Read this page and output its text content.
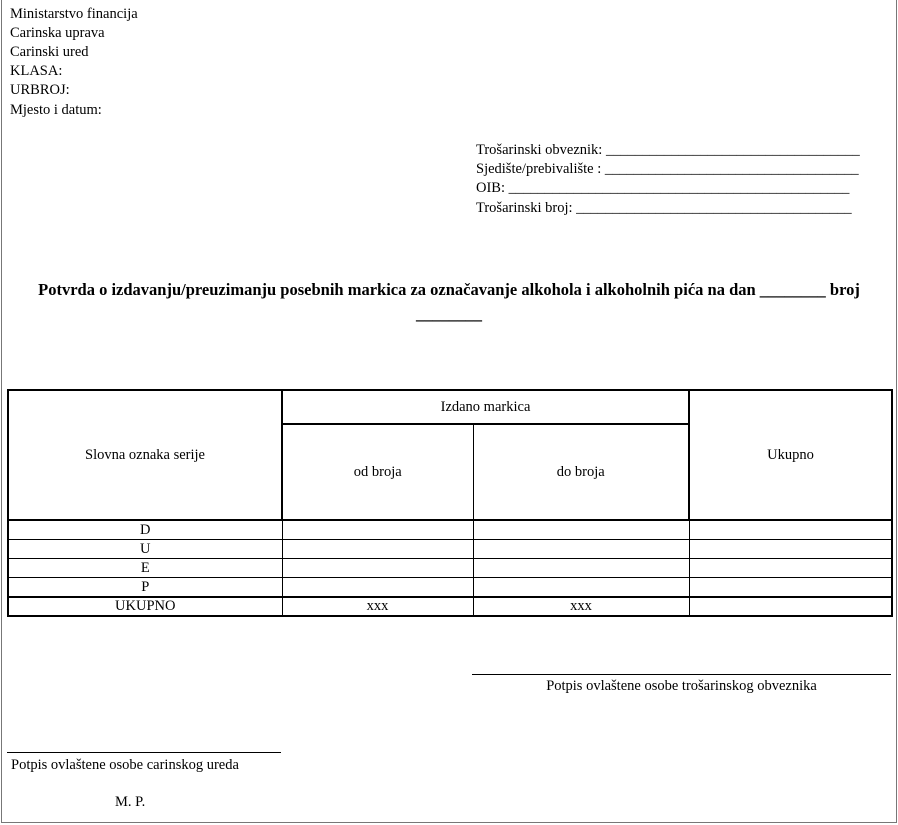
Ministarstvo financija
Carinska uprava
Carinski ured
KLASA:
URBROJ:
Mjesto i datum:
Trošarinski obveznik: ___________________________________
Sjedište/prebivalište : ___________________________________
OIB: _______________________________________________
Trošarinski broj: ______________________________________
Potvrda o izdavanju/preuzimanju posebnih markica za označavanje alkohola i alkoholnih pića na dan ________ broj ________
Slovna oznaka serije	Izdano markica		Ukupno
	od broja	do broja	
D			
U			
E			
P			
UKUPNO	xxx	xxx	
Potpis ovlaštene osobe trošarinskog obveznika
Potpis ovlaštene osobe carinskog ureda
M. P.
